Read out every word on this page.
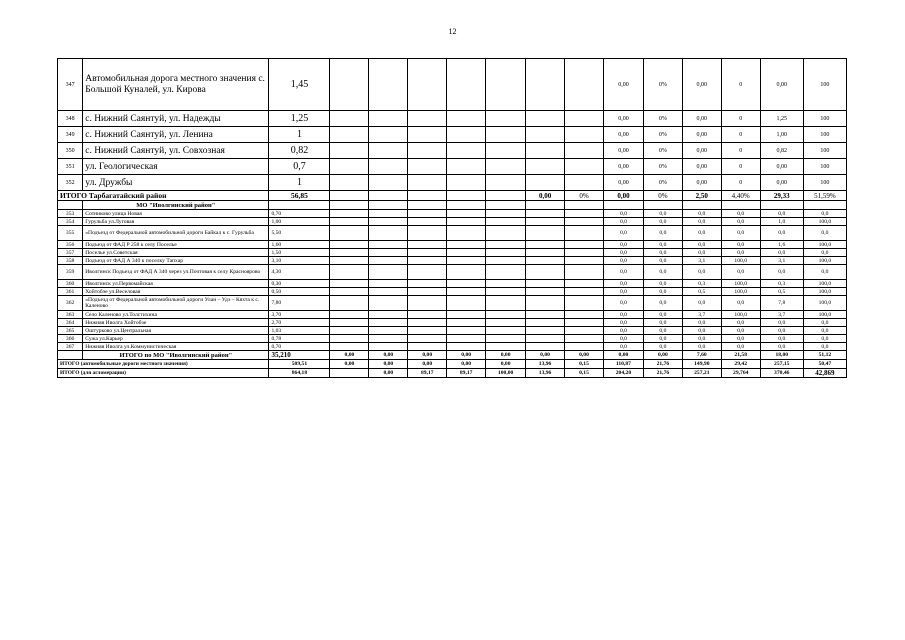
12
347	Автомобильная дорога местного значения с. Большой Куналей, ул. Кирова	1,45								0,00	0%	0,00	0	0,00	100
348	с. Нижний Саянтуй, ул. Надежды	1,25								0,00	0%	0,00	0	1,25	100
349	с. Нижний Саянтуй, ул. Ленина	1								0,00	0%	0,00	0	1,00	100
350	с. Нижний Саянтуй, ул. Совхозная	0,82								0,00	0%	0,00	0	0,82	100
351	ул. Геологическая	0,7								0,00	0%	0,00	0	0,00	100
352	ул. Дружбы	1								0,00	0%	0,00	0	0,00	100
ИТОГО Тарбагатайский район		56,85						0,00	0%	0,00	0%	2,50	4,40%	29,33	51,59%
	МО "Иволгинский район"														
353	Сотниково улица Новая	0,70								0,0	0,0	0,0	0,0	0,0	0,0
354	Гурульба ул.Луговая	1,00								0,0	0,0	0,0	0,0	1,0	100,0
355	«Подъезд от Федеральной автомобильной дороги Байкал к с. Гурульба	5,50								0,0	0,0	0,0	0,0	0,0	0,0
356	Подъезд от ФАД Р 258 к селу Поселье	1,60								0,0	0,0	0,0	0,0	1,6	100,0
357	Поселье ул.Советская	1,50								0,0	0,0	0,0	0,0	0,0	0,0
358	Подъезд от ФАД А 340 к поселку Тапхар	3,10								0,0	0,0	3,1	100,0	3,1	100,0
359	Иволгинск Подъезд от ФАД А 340 через ул.Почтовая к селу Красноярово	4,30								0,0	0,0	0,0	0,0	0,0	0,0
360	Иволгинск ул.Первомайская	0,30								0,0	0,0	0,3	100,0	0,3	100,0
361	Хойтобэе ул.Веселовая	0,50								0,0	0,0	0,5	100,0	0,5	100,0
362	«Подъезд от Федеральной автомобильной дороги Улан – Удэ – Кяхта к с. Каленово	7,80								0,0	0,0	0,0	0,0	7,8	100,0
363	Село Каленово ул.Толстихина	3,70								0,0	0,0	3,7	100,0	3,7	100,0
364	Нижняя Иволга Хойтобэе	2,70								0,0	0,0	0,0	0,0	0,0	0,0
365	Оштурково ул.Центральная	1,03								0,0	0,0	0,0	0,0	0,0	0,0
366	Сужа ул.Карьер	0,78								0,0	0,0	0,0	0,0	0,0	0,0
367	Нижняя Иволга ул.Коммунистическая	0,70								0,0	0,0	0,0	0,0	0,0	0,0
	ИТОГО по МО "Иволгинский район"	35,210	0,00	0,00	0,00	0,00	0,00	0,00	0,00	0,00	0,00	7,60	21,58	18,00	51,12
ИТОГО (автомобильные дороги местного значения)		509,51	0,00	0,00	0,00	0,00	0,00	13,96	0,15	110,87	21,76	149,90	29,42	257,15	50,47
ИТОГО (для агломерации)		864,18		0,00	89,17	89,17	100,00	13,96	0,15	204,20	21,76	257,21	29,764	370,46	42,869
